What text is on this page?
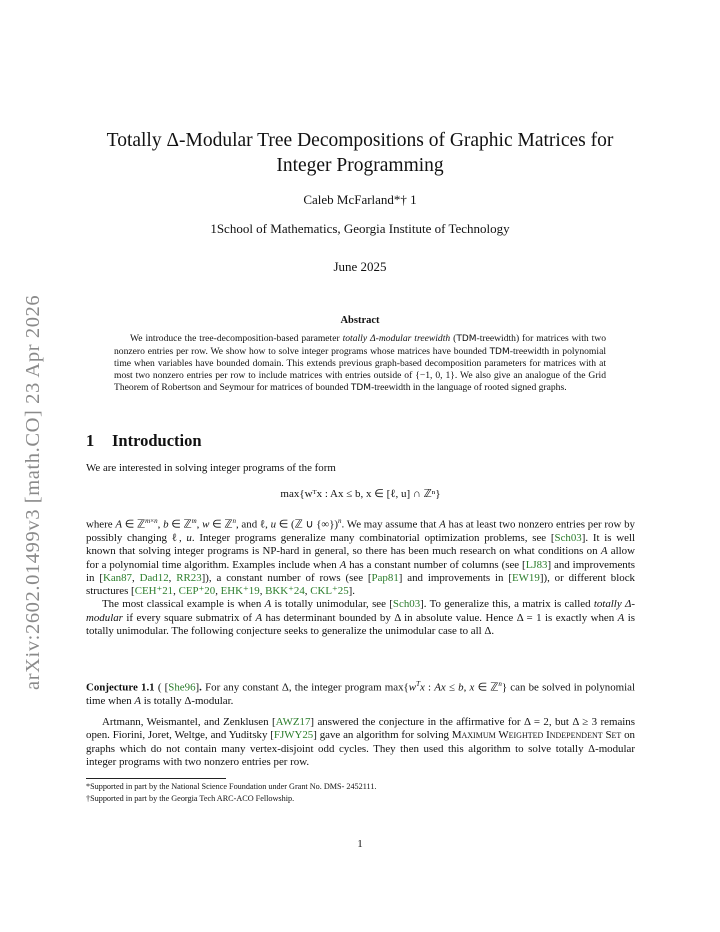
arXiv:2602.01499v3 [math.CO] 23 Apr 2026
Totally Δ-Modular Tree Decompositions of Graphic Matrices for
Integer Programming
Caleb McFarland*† 1
1School of Mathematics, Georgia Institute of Technology
June 2025
Abstract
We introduce the tree-decomposition-based parameter totally Δ-modular treewidth (TDM-treewidth) for matrices with two nonzero entries per row. We show how to solve integer programs whose matrices have bounded TDM-treewidth in polynomial time when variables have bounded domain. This extends previous graph-based decomposition parameters for matrices with at most two nonzero entries per row to include matrices with entries outside of {−1, 0, 1}. We also give an analogue of the Grid Theorem of Robertson and Seymour for matrices of bounded TDM-treewidth in the language of rooted signed graphs.
1 Introduction
We are interested in solving integer programs of the form
max{wᵀx : Ax ≤ b, x ∈ [ℓ, u] ∩ ℤⁿ}
where A ∈ ℤ$^{m\times n}$, b ∈ ℤ$^m$, w ∈ ℤ$^n$, and ℓ, u ∈ (ℤ ∪ {∞})$^n$. We may assume that A has at least two nonzero entries per row by possibly changing ℓ, u. Integer programs generalize many combinatorial optimization problems, see [Sch03]. It is well known that solving integer programs is NP-hard in general, so there has been much research on what conditions on A allow for a polynomial time algorithm. Examples include when A has a constant number of columns (see [LJ83] and improvements in [Kan87, Dad12, RR23]), a constant number of rows (see [Pap81] and improvements in [EW19]), or different block structures [CEH⁺21, CEP⁺20, EHK⁺19, BKK⁺24, CKL⁺25].
The most classical example is when A is totally unimodular, see [Sch03]. To generalize this, a matrix is called totally Δ-modular if every square submatrix of A has determinant bounded by Δ in absolute value. Hence Δ = 1 is exactly when A is totally unimodular. The following conjecture seeks to generalize the unimodular case to all Δ.
Conjecture 1.1 ( [She96]. For any constant Δ, the integer program $\max\{w^Tx$ : Ax ≤ b, x ∈ ℤ$^n$} can be solved in polynomial time when A is totally Δ-modular.
Artmann, Weismantel, and Zenklusen [AWZ17] answered the conjecture in the affirmative for Δ = 2, but Δ ≥ 3 remains open. Fiorini, Joret, Weltge, and Yuditsky [FJWY25] gave an algorithm for solving Maximum Weighted Independent Set on graphs which do not contain many vertex-disjoint odd cycles. They then used this algorithm to solve totally Δ-modular integer programs with two nonzero entries per row.
*Supported in part by the National Science Foundation under Grant No. DMS- 2452111.
†Supported in part by the Georgia Tech ARC-ACO Fellowship.
1
